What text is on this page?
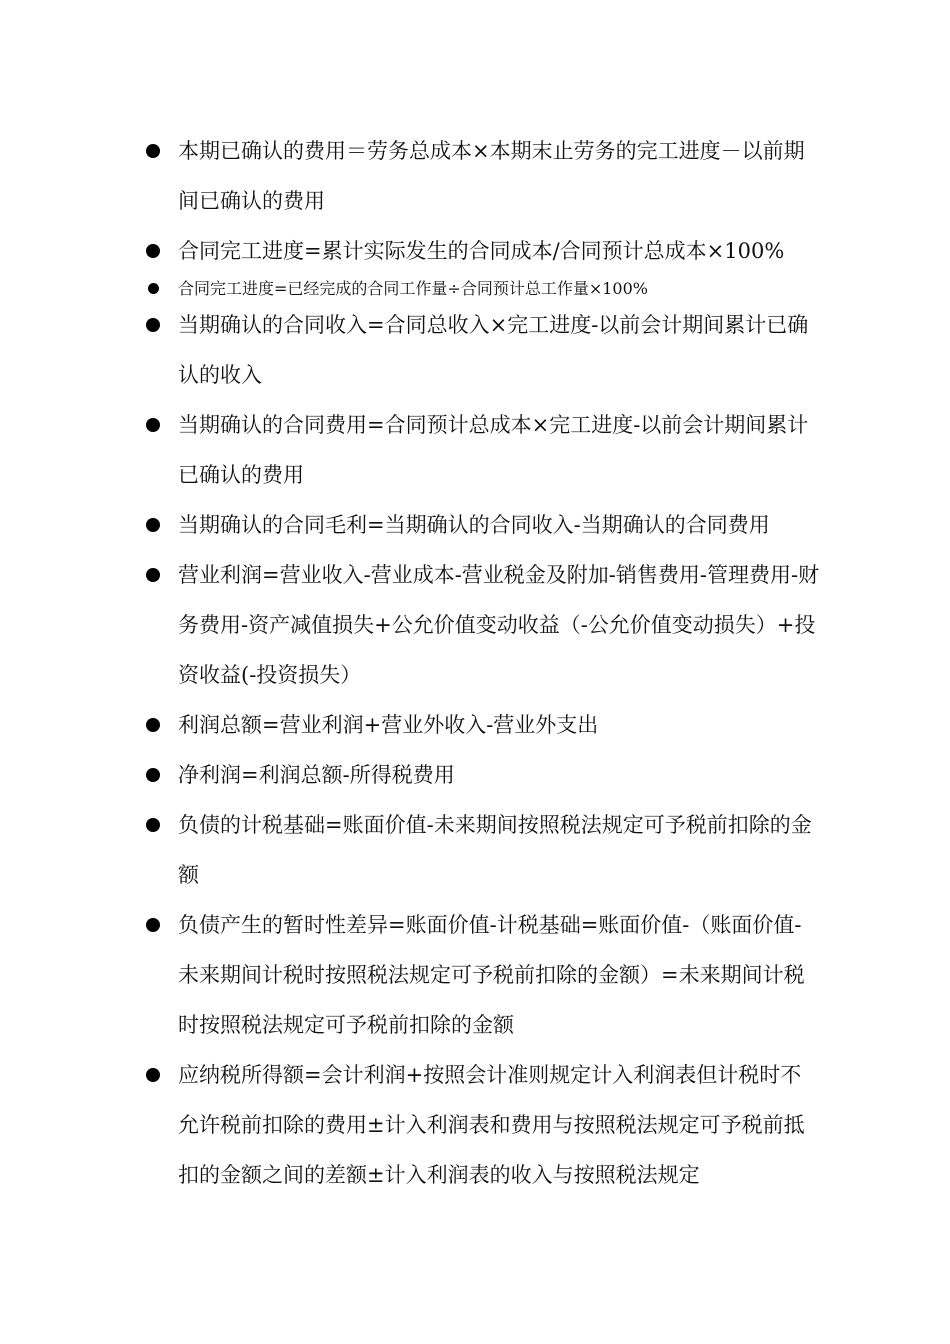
本期已确认的费用＝劳务总成本×本期末止劳务的完工进度－以前期间已确认的费用
合同完工进度=累计实际发生的合同成本/合同预计总成本×100%
合同完工进度=已经完成的合同工作量÷合同预计总工作量×100%
当期确认的合同收入=合同总收入×完工进度-以前会计期间累计已确认的收入
当期确认的合同费用=合同预计总成本×完工进度-以前会计期间累计已确认的费用
当期确认的合同毛利=当期确认的合同收入-当期确认的合同费用
营业利润=营业收入-营业成本-营业税金及附加-销售费用-管理费用-财务费用-资产减值损失+公允价值变动收益（-公允价值变动损失）+投资收益(-投资损失）
利润总额=营业利润+营业外收入-营业外支出
净利润=利润总额-所得税费用
负债的计税基础=账面价值-未来期间按照税法规定可予税前扣除的金额
负债产生的暂时性差异=账面价值-计税基础=账面价值-（账面价值-未来期间计税时按照税法规定可予税前扣除的金额）=未来期间计税时按照税法规定可予税前扣除的金额
应纳税所得额=会计利润+按照会计准则规定计入利润表但计税时不允许税前扣除的费用±计入利润表和费用与按照税法规定可予税前抵扣的金额之间的差额±计入利润表的收入与按照税法规定
